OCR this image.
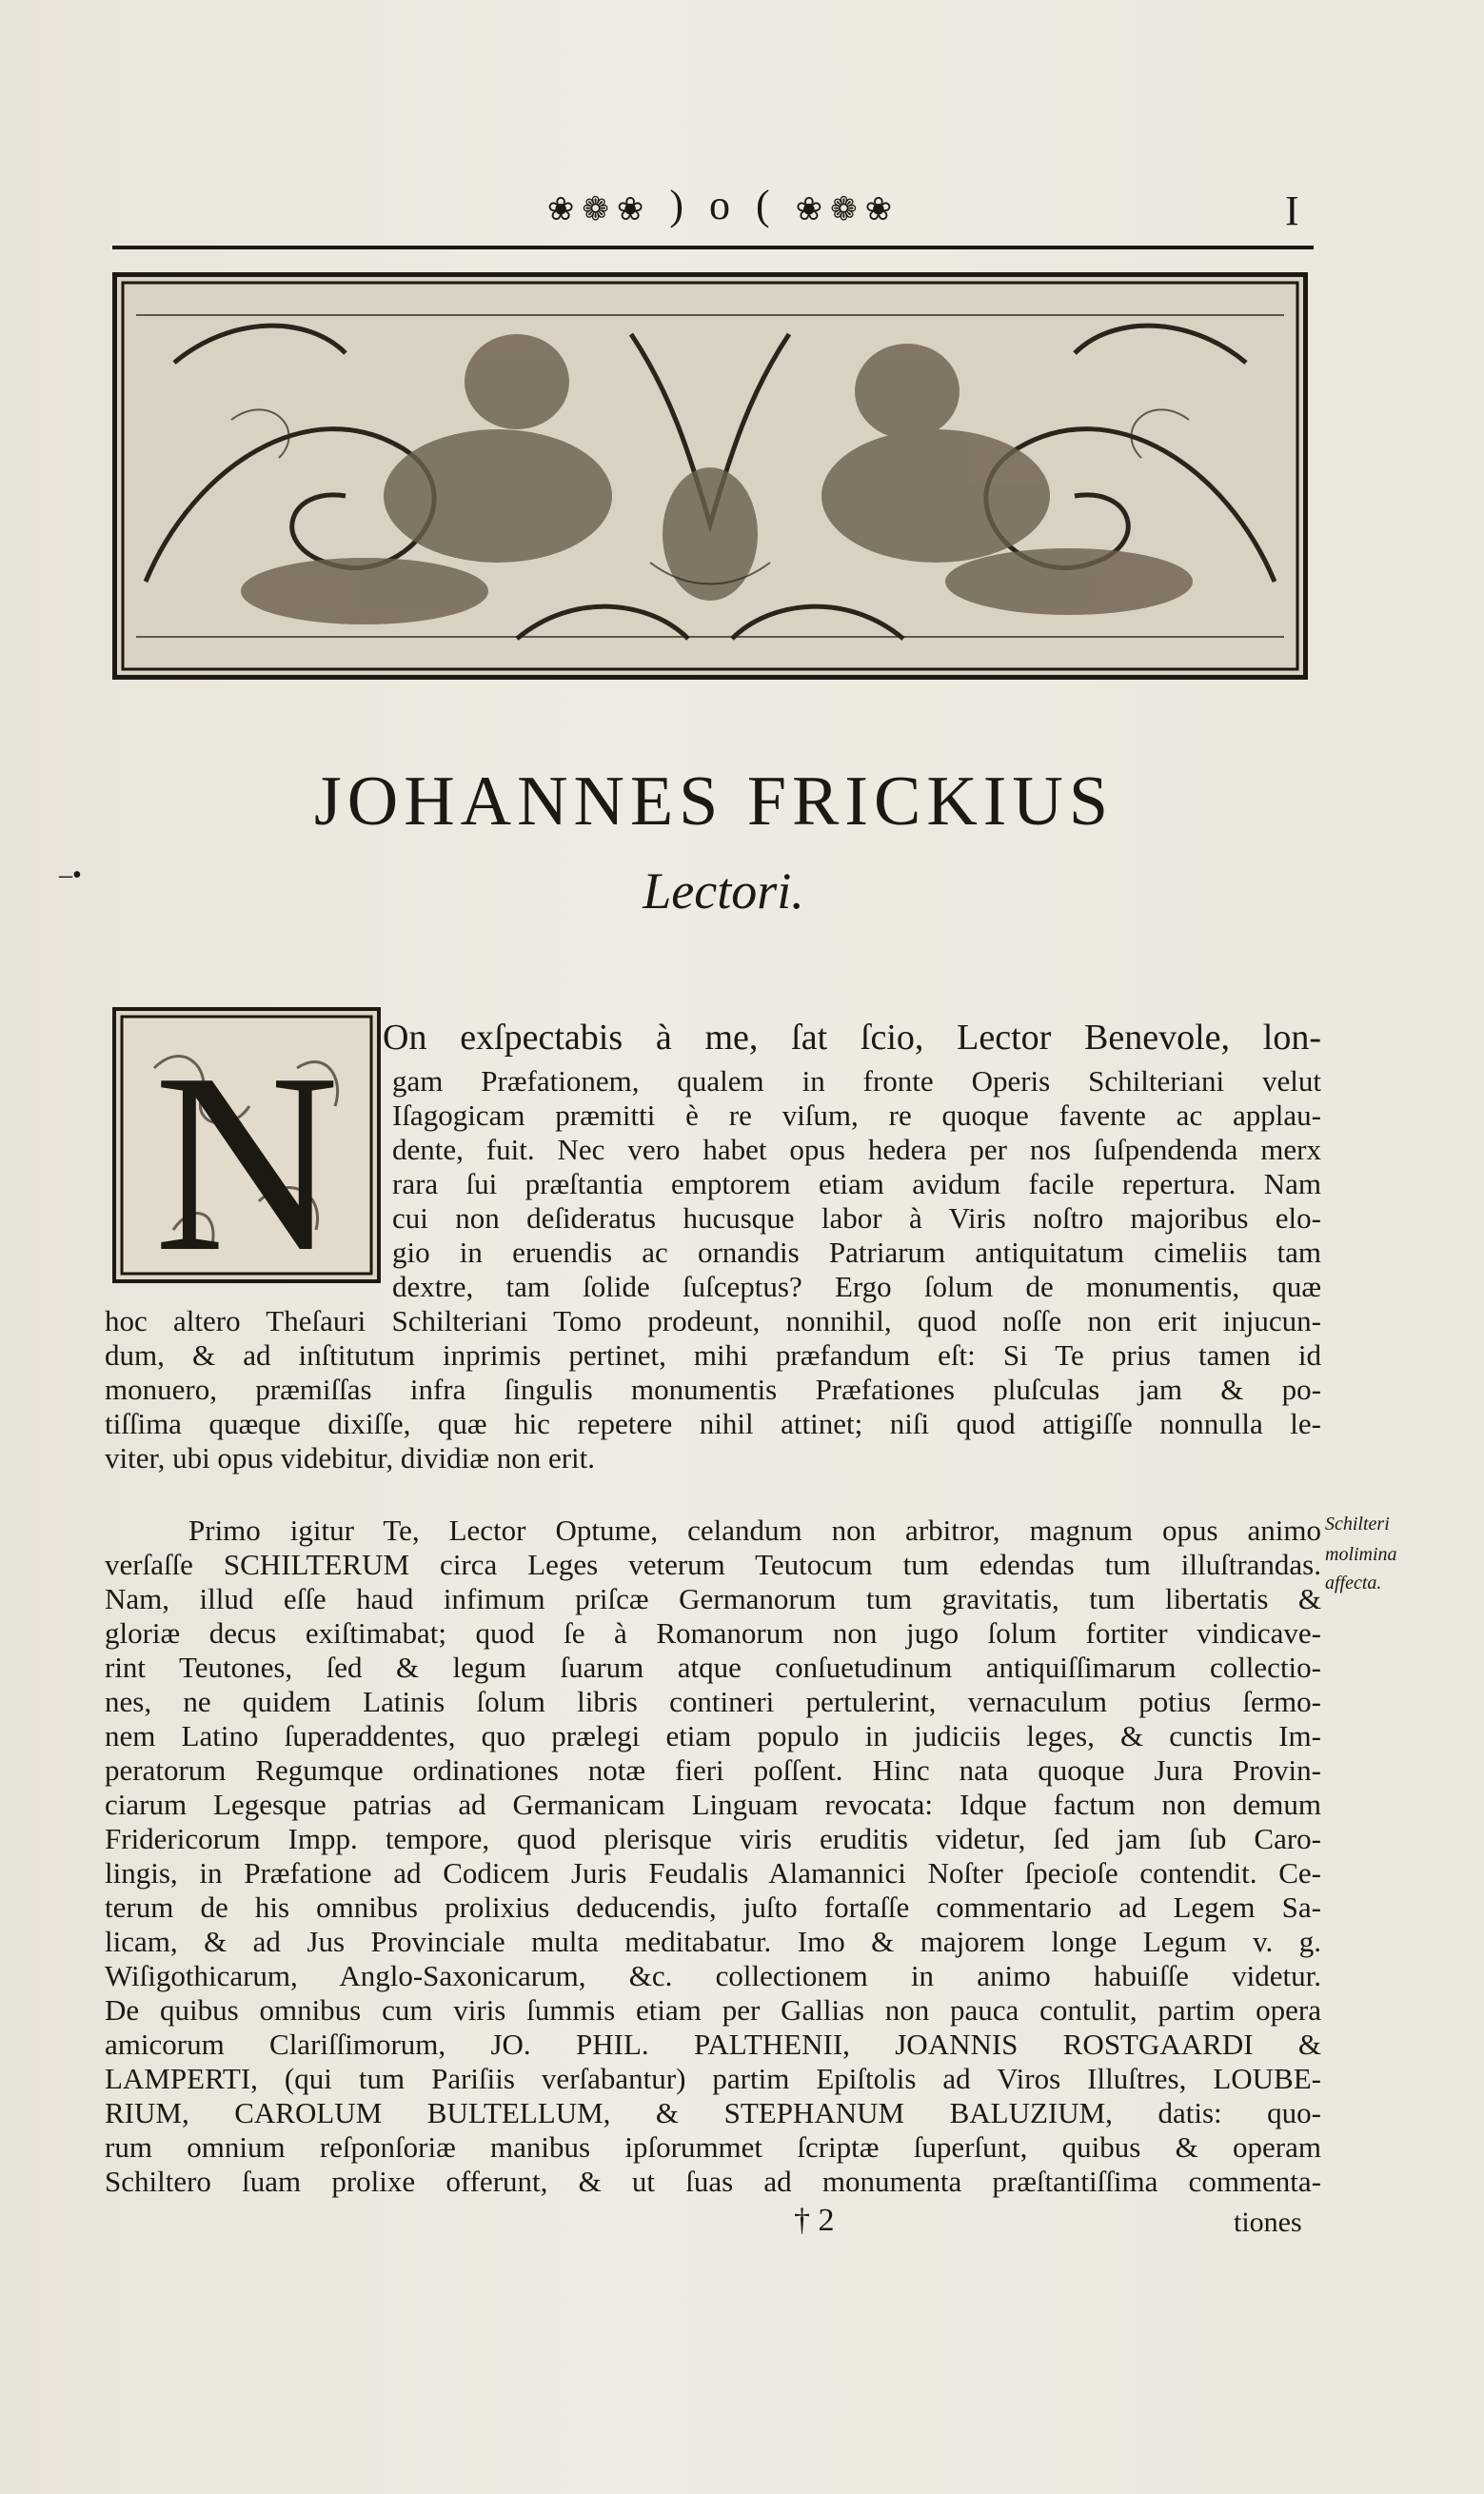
❀❁❀ ) o ( ❀❁❀	I
JOHANNES FRICKIUS
Lectori.
–•
N On exſpectabis à me, ſat ſcio, Lector Benevole, lon-
gam Præfationem, qualem in fronte Operis Schilteriani velut
Iſagogicam præmitti è re viſum, re quoque favente ac applau-
dente, fuit. Nec vero habet opus hedera per nos ſuſpendenda merx
rara ſui præſtantia emptorem etiam avidum facile repertura. Nam
cui non deſideratus hucusque labor à Viris noſtro majoribus elo-
gio in eruendis ac ornandis Patriarum antiquitatum cimeliis tam
dextre, tam ſolide ſuſceptus? Ergo ſolum de monumentis, quæ
hoc altero Theſauri Schilteriani Tomo prodeunt, nonnihil, quod noſſe non erit injucun-
dum, & ad inſtitutum inprimis pertinet, mihi præfandum eſt: Si Te prius tamen id
monuero, præmiſſas infra ſingulis monumentis Præfationes pluſculas jam & po-
tiſſima quæque dixiſſe, quæ hic repetere nihil attinet; niſi quod attigiſſe nonnulla le-
viter, ubi opus videbitur, dividiæ non erit.
Primo igitur Te, Lector Optume, celandum non arbitror, magnum opus animo
verſaſſe SCHILTERUM circa Leges veterum Teutocum tum edendas tum illuſtrandas.
Nam, illud eſſe haud infimum priſcæ Germanorum tum gravitatis, tum libertatis &
gloriæ decus exiſtimabat; quod ſe à Romanorum non jugo ſolum fortiter vindicave-
rint Teutones, ſed & legum ſuarum atque conſuetudinum antiquiſſimarum collectio-
nes, ne quidem Latinis ſolum libris contineri pertulerint, vernaculum potius ſermo-
nem Latino ſuperaddentes, quo prælegi etiam populo in judiciis leges, & cunctis Im-
peratorum Regumque ordinationes notæ fieri poſſent. Hinc nata quoque Jura Provin-
ciarum Legesque patrias ad Germanicam Linguam revocata: Idque factum non demum
Fridericorum Impp. tempore, quod plerisque viris eruditis videtur, ſed jam ſub Caro-
lingis, in Præfatione ad Codicem Juris Feudalis Alamannici Noſter ſpecioſe contendit. Ce-
terum de his omnibus prolixius deducendis, juſto fortaſſe commentario ad Legem Sa-
licam, & ad Jus Provinciale multa meditabatur. Imo & majorem longe Legum v. g.
Wiſigothicarum, Anglo-Saxonicarum, &c. collectionem in animo habuiſſe videtur.
De quibus omnibus cum viris ſummis etiam per Gallias non pauca contulit, partim opera
amicorum Clariſſimorum, JO. PHIL. PALTHENII, JOANNIS ROSTGAARDI &
LAMPERTI, (qui tum Pariſiis verſabantur) partim Epiſtolis ad Viros Illuſtres, LOUBE-
RIUM, CAROLUM BULTELLUM, & STEPHANUM BALUZIUM, datis: quo-
rum omnium reſponſoriæ manibus ipſorummet ſcriptæ ſuperſunt, quibus & operam
Schiltero ſuam prolixe offerunt, & ut ſuas ad monumenta præſtantiſſima commenta-
Schilteri
molimina
affecta.
† 2	tiones
